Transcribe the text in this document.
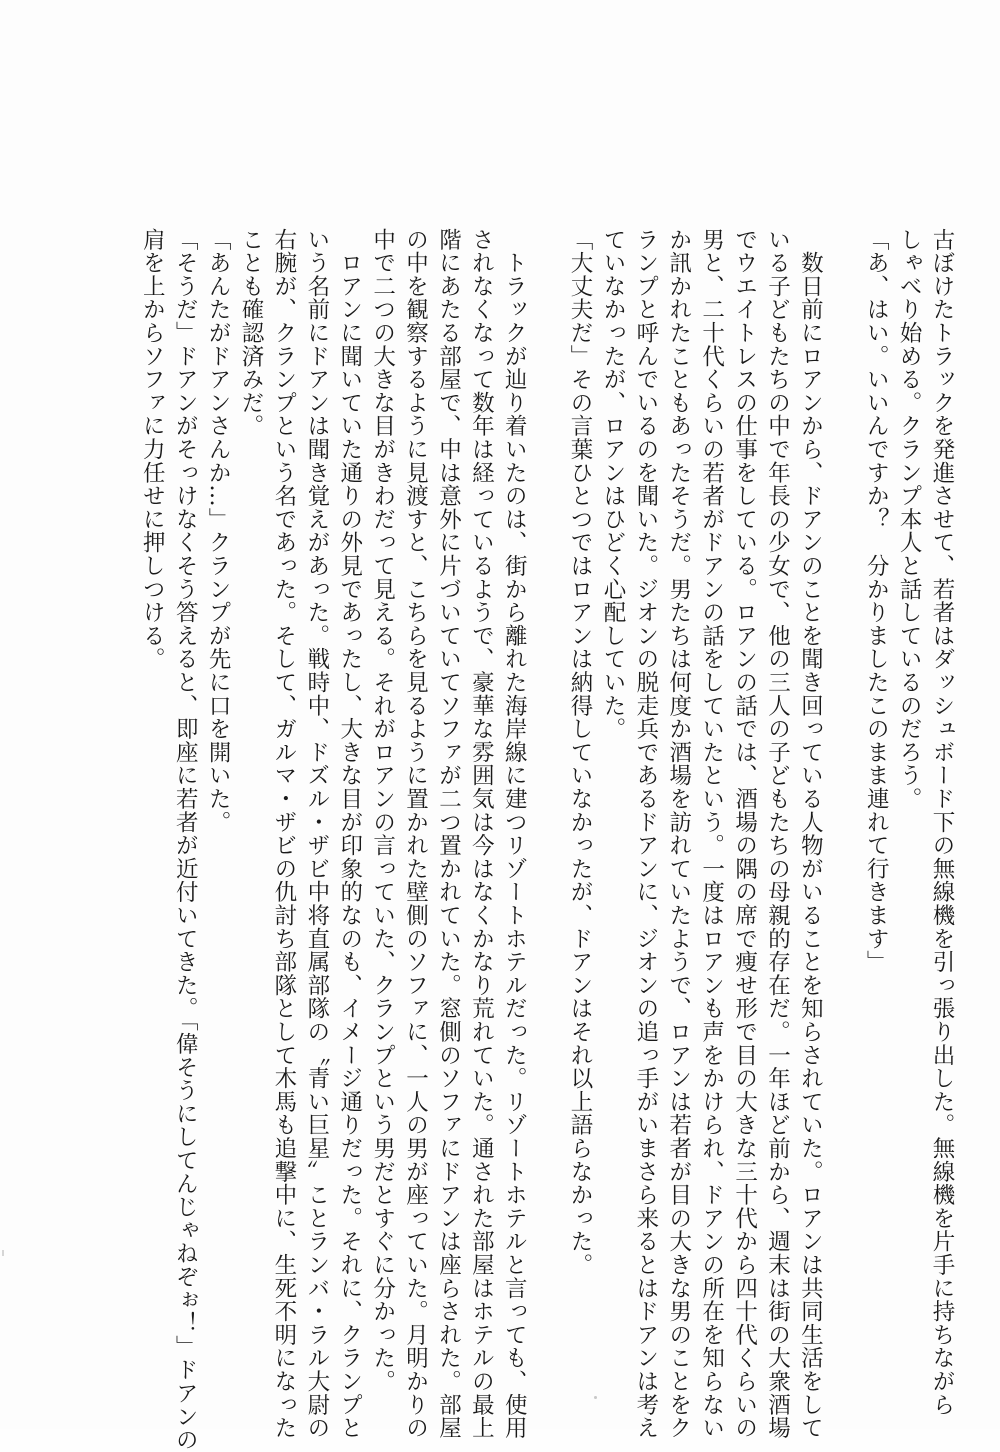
古ぼけたトラックを発進させて、若者はダッシュボード下の無線機を引っ張り出した。無線機を片手に持ちながら
しゃべり始める。クランプ本人と話しているのだろう。
「あ、はい。いいんですか？　分かりましたこのまま連れて行きます」
　数日前にロアンから、ドアンのことを聞き回っている人物がいることを知らされていた。ロアンは共同生活をして
いる子どもたちの中で年長の少女で、他の三人の子どもたちの母親的存在だ。一年ほど前から、週末は街の大衆酒場
でウエイトレスの仕事をしている。ロアンの話では、酒場の隅の席で痩せ形で目の大きな三十代から四十代くらいの
男と、二十代くらいの若者がドアンの話をしていたという。一度はロアンも声をかけられ、ドアンの所在を知らない
か訊かれたこともあったそうだ。男たちは何度か酒場を訪れていたようで、ロアンは若者が目の大きな男のことをク
ランプと呼んでいるのを聞いた。ジオンの脱走兵であるドアンに、ジオンの追っ手がいまさら来るとはドアンは考え
ていなかったが、ロアンはひどく心配していた。
「大丈夫だ」その言葉ひとつではロアンは納得していなかったが、ドアンはそれ以上語らなかった。
　トラックが辿り着いたのは、街から離れた海岸線に建つリゾートホテルだった。リゾートホテルと言っても、使用
されなくなって数年は経っているようで、豪華な雰囲気は今はなくかなり荒れていた。通された部屋はホテルの最上
階にあたる部屋で、中は意外に片づいていてソファが二つ置かれていた。窓側のソファにドアンは座らされた。部屋
の中を観察するように見渡すと、こちらを見るように置かれた壁側のソファに、一人の男が座っていた。月明かりの
中で二つの大きな目がきわだって見える。それがロアンの言っていた、クランプという男だとすぐに分かった。
　ロアンに聞いていた通りの外見であったし、大きな目が印象的なのも、イメージ通りだった。それに、クランプと
いう名前にドアンは聞き覚えがあった。戦時中、ドズル・ザビ中将直属部隊の〝青い巨星〟ことランバ・ラル大尉の
右腕が、クランプという名であった。そして、ガルマ・ザビの仇討ち部隊として木馬も追撃中に、生死不明になった
ことも確認済みだ。
「あんたがドアンさんか…」クランプが先に口を開いた。
「そうだ」ドアンがそっけなくそう答えると、即座に若者が近付いてきた。「偉そうにしてんじゃねぞぉ！」ドアンの
肩を上からソファに力任せに押しつける。
